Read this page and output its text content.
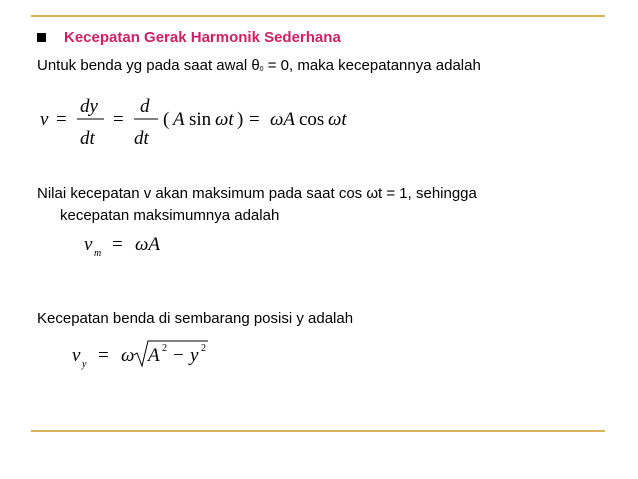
Kecepatan Gerak Harmonik Sederhana
Untuk benda yg pada saat awal θ0 = 0, maka kecepatannya adalah
v =
dy
dt
=
d
dt
( A sin ωt ) = ωA cos ωt
Nilai kecepatan v akan maksimum pada saat cos ωt = 1, sehingga
kecepatan maksimumnya adalah
v m = ωA
Kecepatan benda di sembarang posisi y adalah
v y = ω A 2 − y 2
